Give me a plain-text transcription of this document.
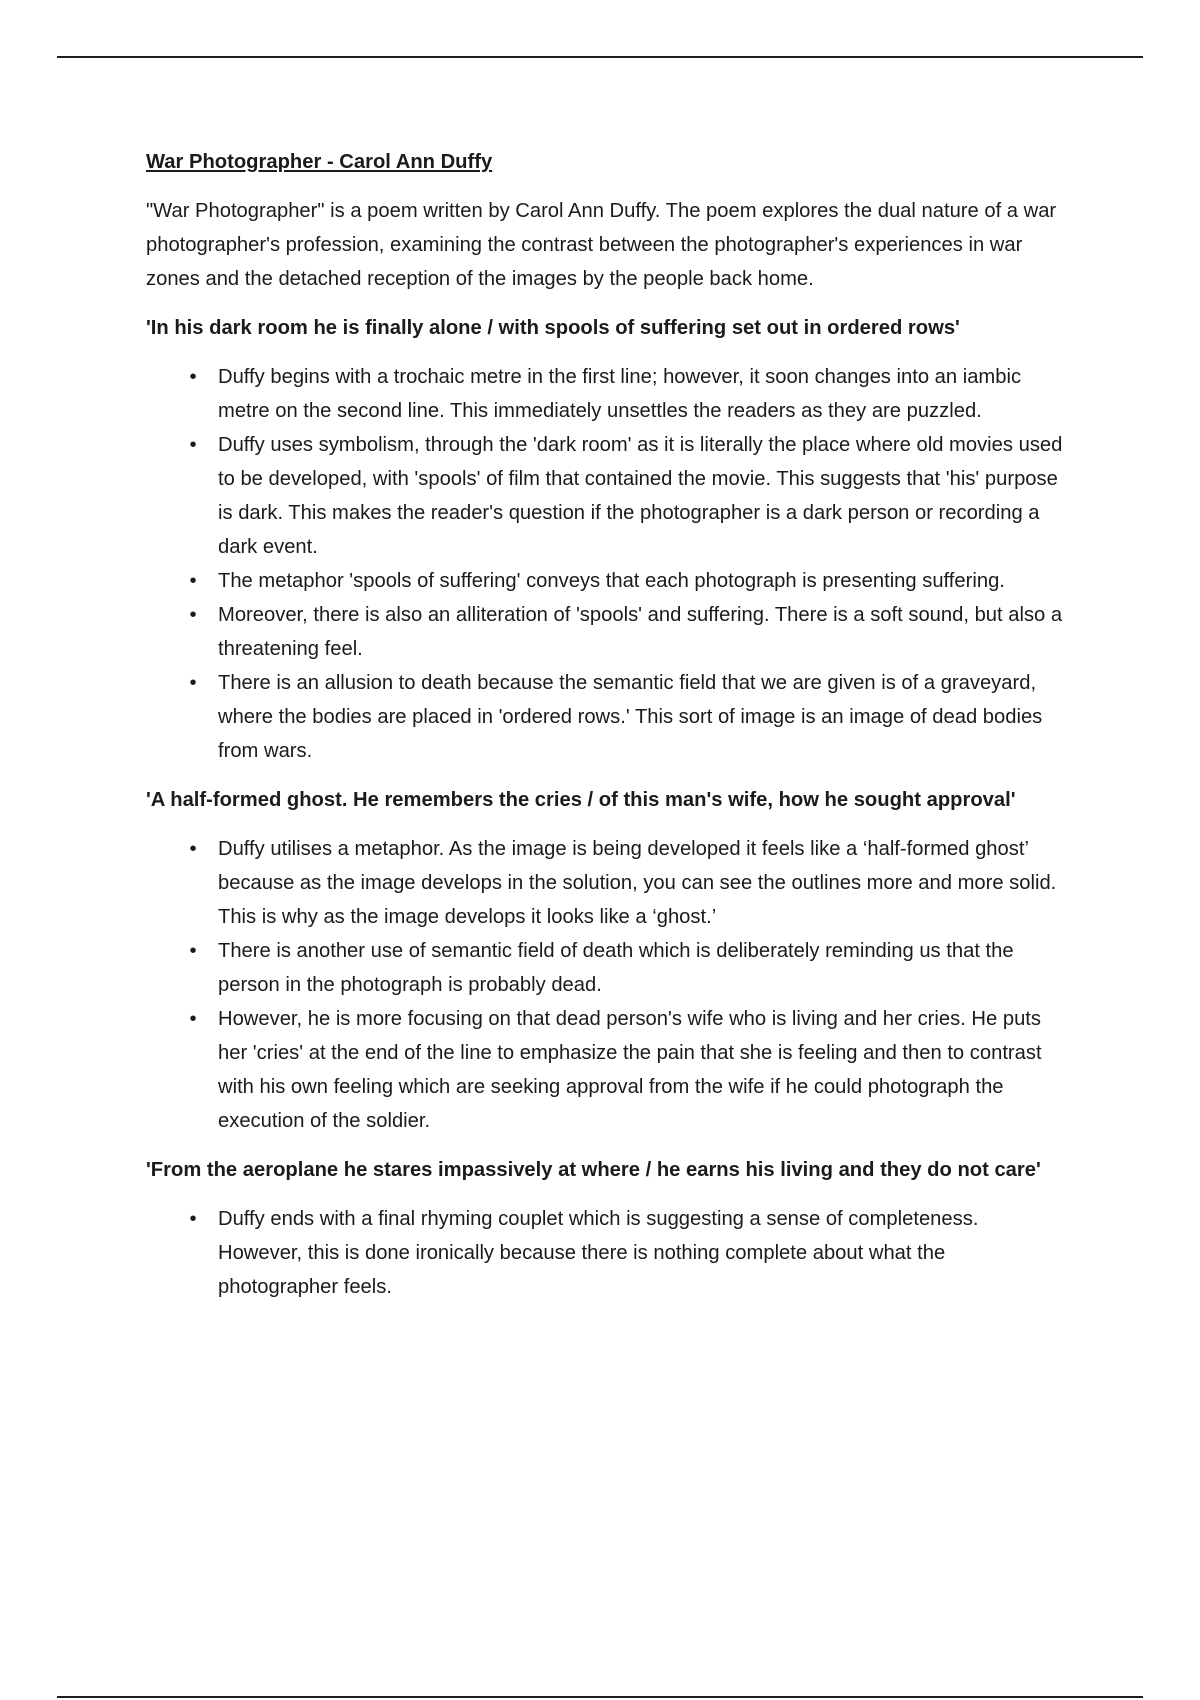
War Photographer - Carol Ann Duffy

"War Photographer" is a poem written by Carol Ann Duffy. The poem explores the dual nature of a war photographer's profession, examining the contrast between the photographer's experiences in war zones and the detached reception of the images by the people back home.

'In his dark room he is finally alone / with spools of suffering set out in ordered rows'
•	Duffy begins with a trochaic metre in the first line; however, it soon changes into an iambic metre on the second line. This immediately unsettles the readers as they are puzzled.
•	Duffy uses symbolism, through the 'dark room' as it is literally the place where old movies used to be developed, with 'spools' of film that contained the movie. This suggests that 'his' purpose is dark. This makes the reader's question if the photographer is a dark person or recording a dark event.
•	The metaphor 'spools of suffering' conveys that each photograph is presenting suffering.
•	Moreover, there is also an alliteration of 'spools' and suffering. There is a soft sound, but also a threatening feel.
•	There is an allusion to death because the semantic field that we are given is of a graveyard, where the bodies are placed in 'ordered rows.' This sort of image is an image of dead bodies from wars.
'A half-formed ghost. He remembers the cries / of this man's wife, how he sought approval'
•	Duffy utilises a metaphor. As the image is being developed it feels like a ‘half-formed ghost’ because as the image develops in the solution, you can see the outlines more and more solid. This is why as the image develops it looks like a ‘ghost.’
•	There is another use of semantic field of death which is deliberately reminding us that the person in the photograph is probably dead.
•	However, he is more focusing on that dead person's wife who is living and her cries. He puts her 'cries' at the end of the line to emphasize the pain that she is feeling and then to contrast with his own feeling which are seeking approval from the wife if he could photograph the execution of the soldier.
'From the aeroplane he stares impassively at where / he earns his living and they do not care'
•	Duffy ends with a final rhyming couplet which is suggesting a sense of completeness. However, this is done ironically because there is nothing complete about what the photographer feels.
